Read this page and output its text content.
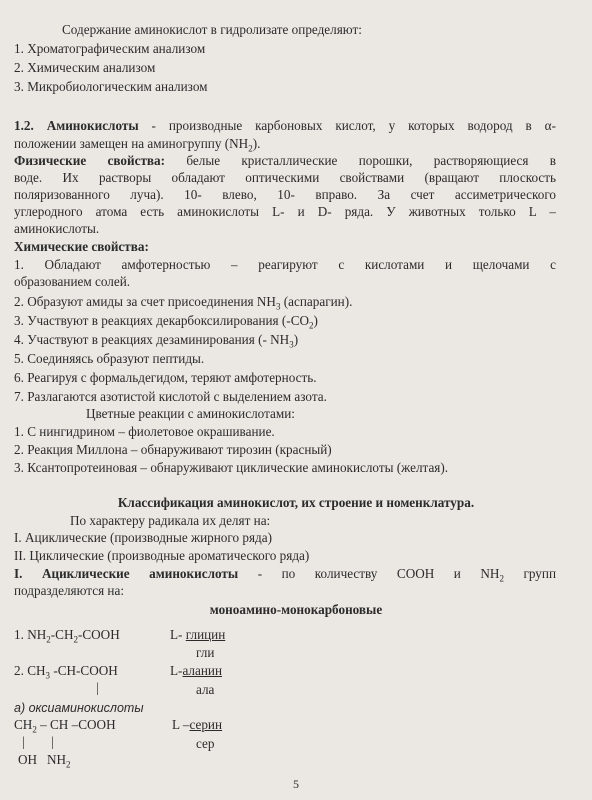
Содержание аминокислот в гидролизате определяют:
1. Хроматографическим анализом
2. Химическим анализом
3. Микробиологическим анализом
1.2. Аминокислоты - производные карбоновых кислот, у которых водород в α-
положении замещен на аминогруппу $(NH_2)$.
Физические свойства: белые кристаллические порошки, растворяющиеся в
воде. Их растворы обладают оптическими свойствами (вращают плоскость
поляризованного луча). 10- влево, 10- вправо. За счет ассиметрического
углеродного атома есть аминокислоты L- и D- ряда. У животных только L –
аминокислоты.
Химические свойства:
1. Обладают амфотерностью – реагируют с кислотами и щелочами с
образованием солей.
2. Образуют амиды за счет присоединения $NH_3$ (аспарагин).
3. Участвуют в реакциях декарбоксилирования $(-CO_2)$
4. Участвуют в реакциях дезаминирования (- $NH_3$)
5. Соединяясь образуют пептиды.
6. Реагируя с формальдегидом, теряют амфотерность.
7. Разлагаются азотистой кислотой с выделением азота.
Цветные реакции с аминокислотами:
1. С нингидрином – фиолетовое окрашивание.
2. Реакция Миллона – обнаруживают тирозин (красный)
3. Ксантопротеиновая – обнаруживают циклические аминокислоты (желтая).
Классификация аминокислот, их строение и номенклатура.
По характеру радикала их делят на:
I. Ациклические (производные жирного ряда)
II. Циклические (производные ароматического ряда)
I. Ациклические аминокислоты - по количеству СООН и $NH_2$ групп
подразделяются на:
моноамино-монокарбоновые
1. $NH_2-CH_2$-COOH	L- глицин
гли
2. $CH_3$ -CH-COOH	L-аланин
|	ала
а) оксиаминокислоты
$CH_2$ – CH –COOH	L –серин
|        |	сер
OH   $NH_2$
5
